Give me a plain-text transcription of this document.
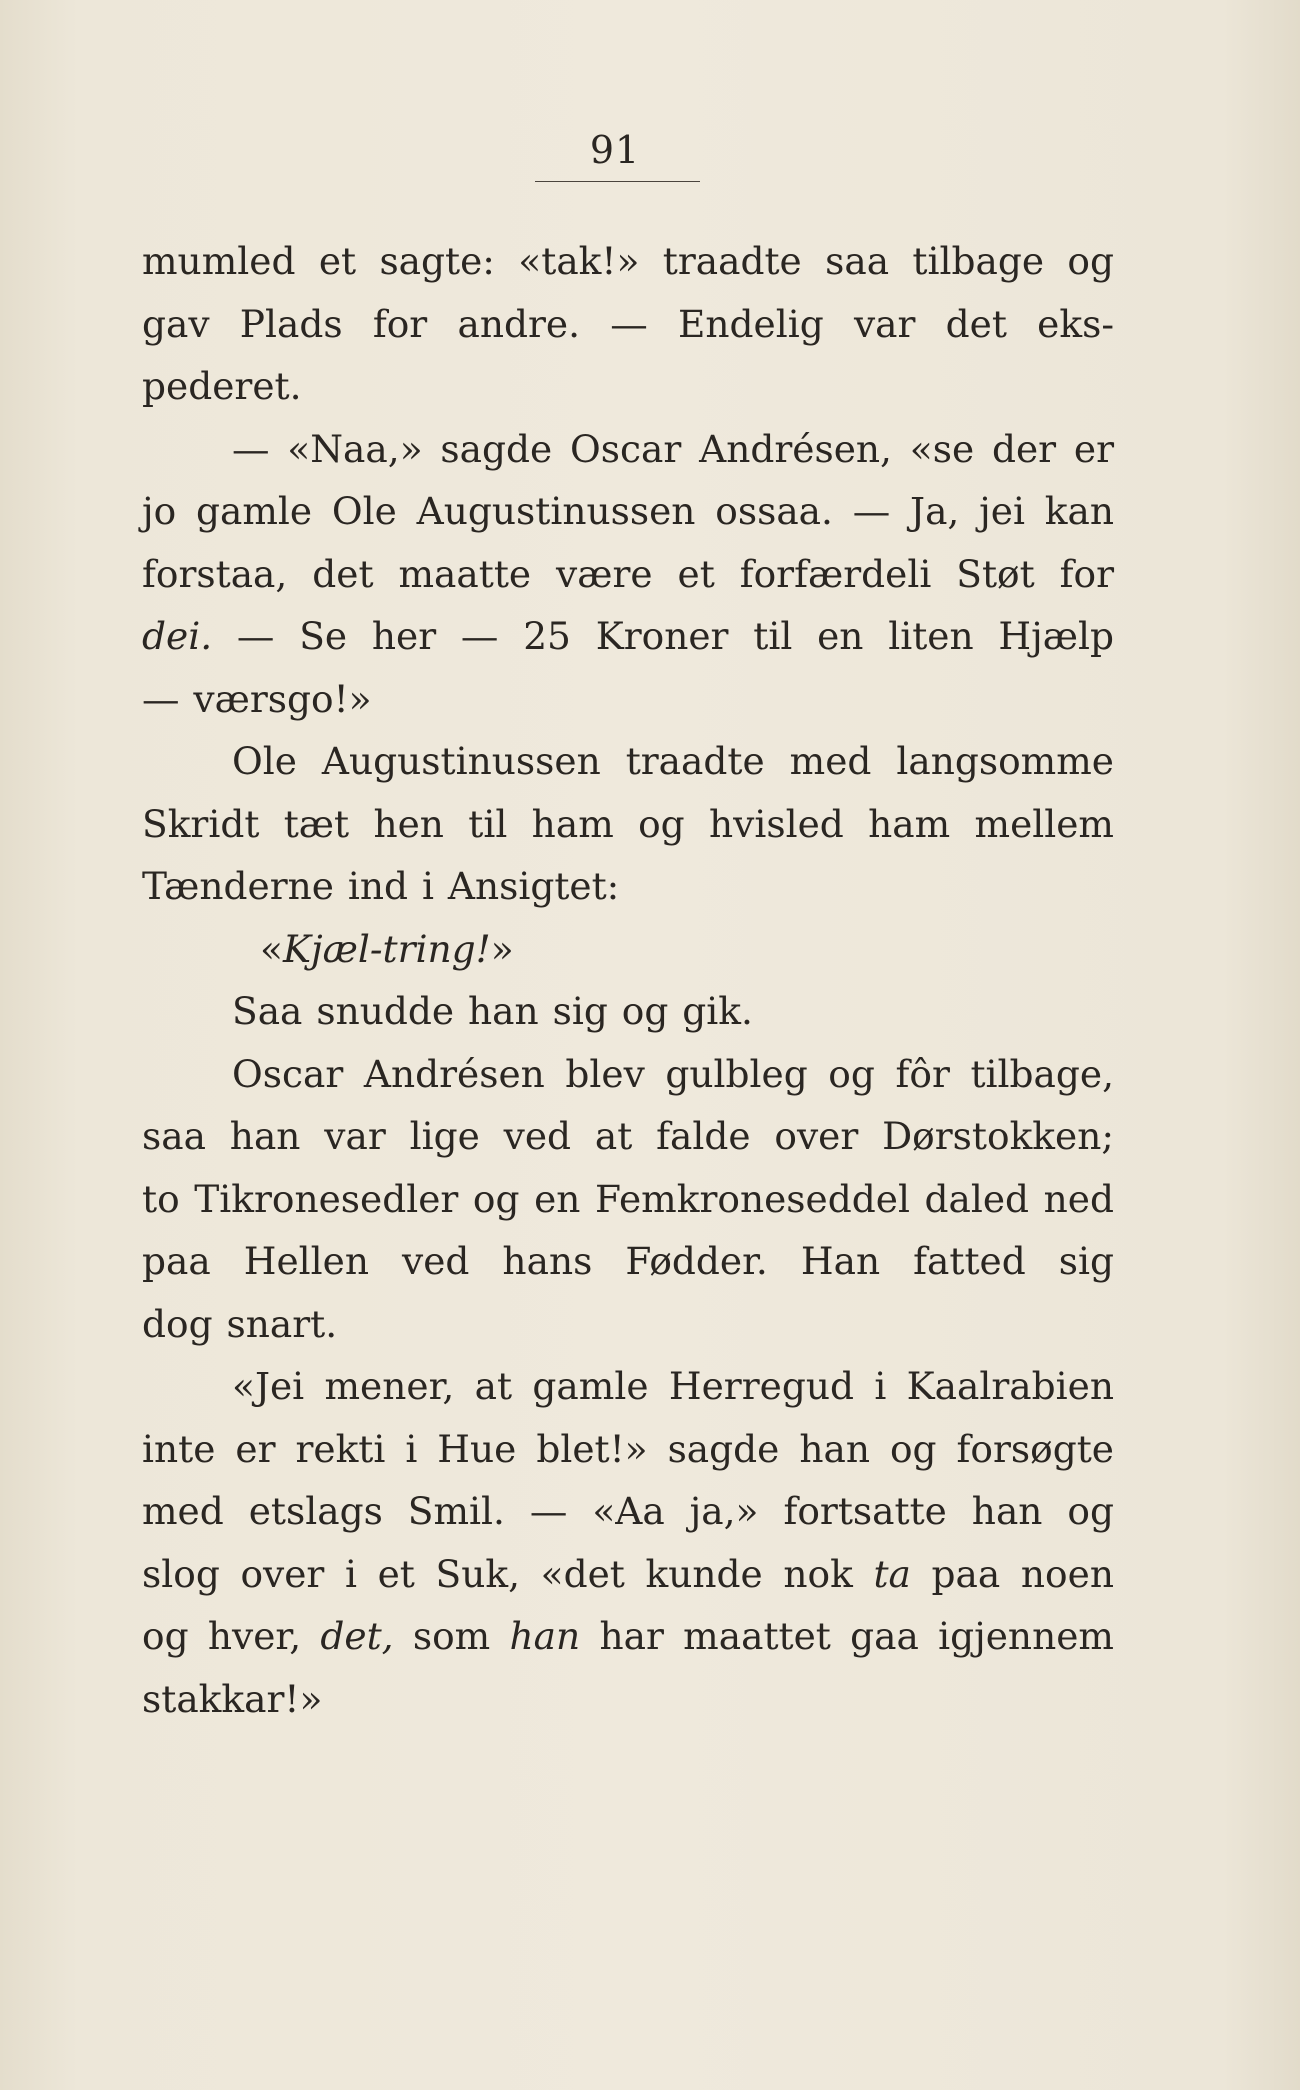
91
mumled et sagte: «tak!» traadte saa tilbage og
gav Plads for andre. — Endelig var det eks-
pederet.
— «Naa,» sagde Oscar Andrésen, «se der er
jo gamle Ole Augustinussen ossaa. — Ja, jei kan
forstaa, det maatte være et forfærdeli Støt for
dei. — Se her — 25 Kroner til en liten Hjælp
— værsgo!»
Ole Augustinussen traadte med langsomme
Skridt tæt hen til ham og hvisled ham mellem
Tænderne ind i Ansigtet:
«Kjæl-tring!»
Saa snudde han sig og gik.
Oscar Andrésen blev gulbleg og fôr tilbage,
saa han var lige ved at falde over Dørstokken;
to Tikronesedler og en Femkroneseddel daled ned
paa Hellen ved hans Fødder. Han fatted sig
dog snart.
«Jei mener, at gamle Herregud i Kaalrabien
inte er rekti i Hue blet!» sagde han og forsøgte
med etslags Smil. — «Aa ja,» fortsatte han og
slog over i et Suk, «det kunde nok ta paa noen
og hver, det, som han har maattet gaa igjennem
stakkar!»
